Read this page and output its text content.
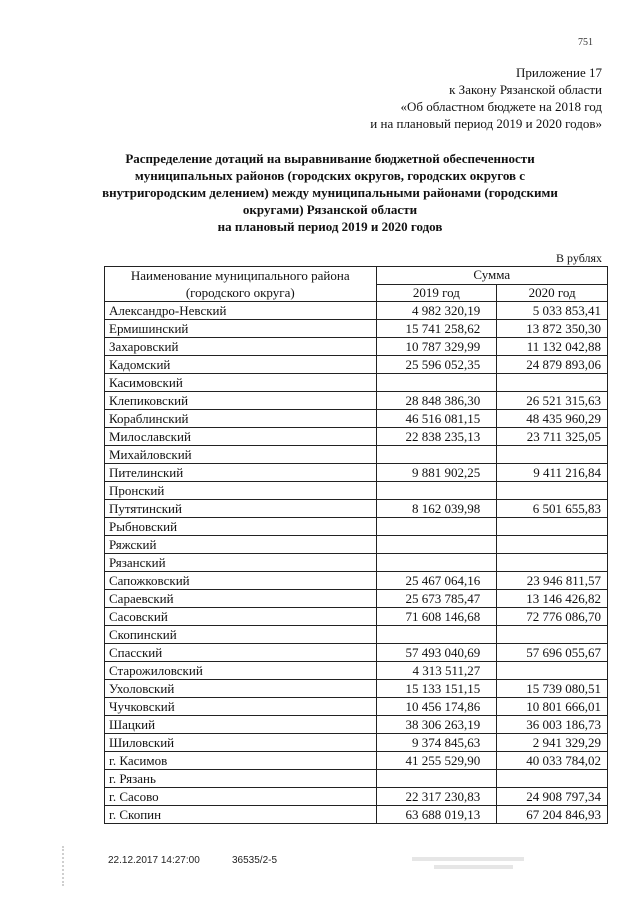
751
Приложение 17
к Закону Рязанской области
«Об областном бюджете на 2018 год
и на плановый период 2019 и 2020 годов»
Распределение дотаций на выравнивание бюджетной обеспеченности
муниципальных районов (городских округов, городских округов с
внутригородским делением) между муниципальными районами (городскими
округами) Рязанской области
на плановый период 2019 и 2020 годов
В рублях
Наименование муниципального района
(городского округа)	Сумма	
	2019 год	2020 год
Александро-Невский	4 982 320,19	5 033 853,41
Ермишинский	15 741 258,62	13 872 350,30
Захаровский	10 787 329,99	11 132 042,88
Кадомский	25 596 052,35	24 879 893,06
Касимовский		
Клепиковский	28 848 386,30	26 521 315,63
Кораблинский	46 516 081,15	48 435 960,29
Милославский	22 838 235,13	23 711 325,05
Михайловский		
Пителинский	9 881 902,25	9 411 216,84
Пронский		
Путятинский	8 162 039,98	6 501 655,83
Рыбновский		
Ряжский		
Рязанский		
Сапожковский	25 467 064,16	23 946 811,57
Сараевский	25 673 785,47	13 146 426,82
Сасовский	71 608 146,68	72 776 086,70
Скопинский		
Спасский	57 493 040,69	57 696 055,67
Старожиловский	4 313 511,27	
Ухоловский	15 133 151,15	15 739 080,51
Чучковский	10 456 174,86	10 801 666,01
Шацкий	38 306 263,19	36 003 186,73
Шиловский	9 374 845,63	2 941 329,29
г. Касимов	41 255 529,90	40 033 784,02
г. Рязань		
г. Сасово	22 317 230,83	24 908 797,34
г. Скопин	63 688 019,13	67 204 846,93
22.12.2017 14:27:00	36535/2-5
